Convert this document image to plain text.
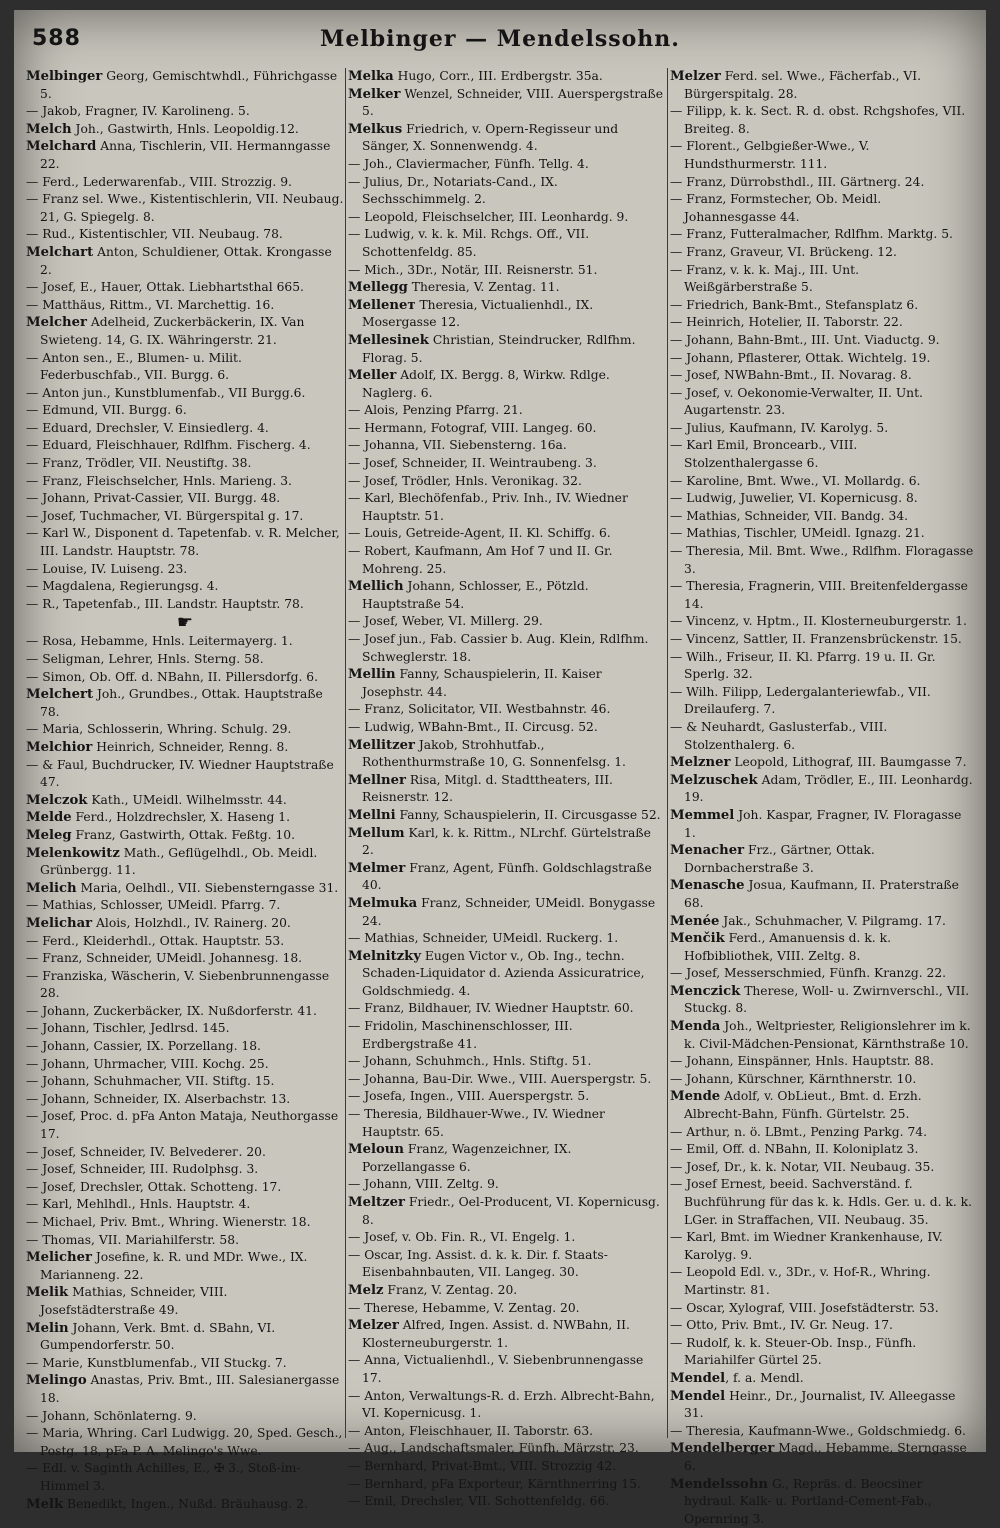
588	Melbinger — Mendelssohn.

Melbinger Georg, Gemischtwhdl., Führichgasse 5.

— Jakob, Fragner, IV. Karolineng. 5.

Melch Joh., Gastwirth, Hnls. Leopoldig.12.

Melchard Anna, Tischlerin, VII. Hermanngasse 22.

— Ferd., Lederwarenfab., VIII. Strozzig. 9.

— Franz sel. Wwe., Kistentischlerin, VII. Neubaug. 21, G. Spiegelg. 8.

— Rud., Kistentischler, VII. Neubaug. 78.

Melchart Anton, Schuldiener, Ottak. Krongasse 2.

— Josef, E., Hauer, Ottak. Liebhartsthal 665.

— Matthäus, Rittm., VI. Marchettig. 16.

Melcher Adelheid, Zuckerbäckerin, IX. Van Swieteng. 14, G. IX. Währingerstr. 21.

— Anton sen., E., Blumen- u. Milit. Federbuschfab., VII. Burgg. 6.

— Anton jun., Kunstblumenfab., VII Burgg.6.

— Edmund, VII. Burgg. 6.

— Eduard, Drechsler, V. Einsiedlerg. 4.

— Eduard, Fleischhauer, Rdlfhm. Fischerg. 4.

— Franz, Trödler, VII. Neustiftg. 38.

— Franz, Fleischselcher, Hnls. Marieng. 3.

— Johann, Privat-Cassier, VII. Burgg. 48.

— Josef, Tuchmacher, VI. Bürgerspital g. 17.

— Karl W., Disponent d. Tapetenfab. v. R. Melcher, III. Landstr. Hauptstr. 78.

— Louise, IV. Luiseng. 23.

— Magdalena, Regierungsg. 4.

— R., Tapetenfab., III. Landstr. Hauptstr. 78.

☛

— Rosa, Hebamme, Hnls. Leitermayerg. 1.

— Seligman, Lehrer, Hnls. Sterng. 58.

— Simon, Ob. Off. d. NBahn, II. Pillersdorfg. 6.

Melchert Joh., Grundbes., Ottak. Hauptstraße 78.

— Maria, Schlosserin, Whring. Schulg. 29.

Melchior Heinrich, Schneider, Renng. 8.

— & Faul, Buchdrucker, IV. Wiedner Hauptstraße 47.

Melczok Kath., UMeidl. Wilhelmsstr. 44.

Melde Ferd., Holzdrechsler, X. Haseng 1.

Meleg Franz, Gastwirth, Ottak. Feßtg. 10.

Melenkowitz Math., Geflügelhdl., Ob. Meidl. Grünbergg. 11.

Melich Maria, Oelhdl., VII. Siebensterngasse 31.

— Mathias, Schlosser, UMeidl. Pfarrg. 7.

Melichar Alois, Holzhdl., IV. Rainerg. 20.

— Ferd., Kleiderhdl., Ottak. Hauptstr. 53.

— Franz, Schneider, UMeidl. Johannesg. 18.

— Franziska, Wäscherin, V. Siebenbrunnengasse 28.

— Johann, Zuckerbäcker, IX. Nußdorferstr. 41.

— Johann, Tischler, Jedlrsd. 145.

— Johann, Cassier, IX. Porzellang. 18.

— Johann, Uhrmacher, VIII. Kochg. 25.

— Johann, Schuhmacher, VII. Stiftg. 15.

— Johann, Schneider, IX. Alserbachstr. 13.

— Josef, Proc. d. pFa Anton Mataja, Neuthorgasse 17.

— Josef, Schneider, IV. Belvederег. 20.

— Josef, Schneider, III. Rudolphsg. 3.

— Josef, Drechsler, Ottak. Schotteng. 17.

— Karl, Mehlhdl., Hnls. Hauptstr. 4.

— Michael, Priv. Bmt., Whring. Wienerstr. 18.

— Thomas, VII. Mariahilferstr. 58.

Melicher Josefine, k. R. und MDr. Wwe., IX. Marianneng. 22.

Melik Mathias, Schneider, VIII. Josefstädterstraße 49.

Melin Johann, Verk. Bmt. d. SBahn, VI. Gumpendorferstr. 50.

— Marie, Kunstblumenfab., VII Stuckg. 7.

Melingo Anastas, Priv. Bmt., III. Salesianergasse 18.

— Johann, Schönlaterng. 9.

— Maria, Whring. Carl Ludwigg. 20, Sped. Gesch., Postg. 18, pFa P. A. Melingo's Wwe.

— Edl. v. Saginth Achilles, E., ✠ 3., Stoß-im-Himmel 3.

Melk Benedikt, Ingen., Nußd. Bräuhausg. 2.

Melka Hugo, Corr., III. Erdbergstr. 35a.

Melker Wenzel, Schneider, VIII. Auerspergstraße 5.

Melkus Friedrich, v. Opern-Regisseur und Sänger, X. Sonnenwendg. 4.

— Joh., Claviermacher, Fünfh. Tellg. 4.

— Julius, Dr., Notariats-Cand., IX. Sechsschimmelg. 2.

— Leopold, Fleischselcher, III. Leonhardg. 9.

— Ludwig, v. k. k. Mil. Rchgs. Off., VII. Schottenfeldg. 85.

— Mich., 3Dr., Notär, III. Reisnerstr. 51.

Mellegg Theresia, V. Zentag. 11.

Melleneт Theresia, Victualienhdl., IX. Mosergasse 12.

Mellesinek Christian, Steindrucker, Rdlfhm. Florag. 5.

Meller Adolf, IX. Bergg. 8, Wirkw. Rdlge. Naglerg. 6.

— Alois, Penzing Pfarrg. 21.

— Hermann, Fotograf, VIII. Langeg. 60.

— Johanna, VII. Siebensterng. 16a.

— Josef, Schneider, II. Weintraubeng. 3.

— Josef, Trödler, Hnls. Veronikag. 32.

— Karl, Blechöfenfab., Priv. Inh., IV. Wiedner Hauptstr. 51.

— Louis, Getreide-Agent, II. Kl. Schiffg. 6.

— Robert, Kaufmann, Am Hof 7 und II. Gr. Mohreng. 25.

Mellich Johann, Schlosser, E., Pötzld. Hauptstraße 54.

— Josef, Weber, VI. Millerg. 29.

— Josef jun., Fab. Cassier b. Aug. Klein, Rdlfhm. Schweglerstr. 18.

Mellin Fanny, Schauspielerin, II. Kaiser Josephstr. 44.

— Franz, Solicitator, VII. Westbahnstr. 46.

— Ludwig, WBahn-Bmt., II. Circusg. 52.

Mellitzer Jakob, Strohhutfab., Rothenthurmstraße 10, G. Sonnenfelsg. 1.

Mellner Risa, Mitgl. d. Stadttheaters, III. Reisnerstr. 12.

Mellni Fanny, Schauspielerin, II. Circusgasse 52.

Mellum Karl, k. k. Rittm., NLrchf. Gürtelstraße 2.

Melmer Franz, Agent, Fünfh. Goldschlagstraße 40.

Melmuka Franz, Schneider, UMeidl. Bonygasse 24.

— Mathias, Schneider, UMeidl. Ruckerg. 1.

Melnitzky Eugen Victor v., Ob. Ing., techn. Schaden-Liquidator d. Azienda Assicuratrice, Goldschmiedg. 4.

— Franz, Bildhauer, IV. Wiedner Hauptstr. 60.

— Fridolin, Maschinenschlosser, III. Erdbergstraße 41.

— Johann, Schuhmch., Hnls. Stiftg. 51.

— Johanna, Bau-Dir. Wwe., VIII. Auerspergstr. 5.

— Josefa, Ingen., VIII. Auerspergstr. 5.

— Theresia, Bildhauer-Wwe., IV. Wiedner Hauptstr. 65.

Meloun Franz, Wagenzeichner, IX. Porzellangasse 6.

— Johann, VIII. Zeltg. 9.

Meltzer Friedr., Oel-Producent, VI. Kopernicusg. 8.

— Josef, v. Ob. Fin. R., VI. Engelg. 1.

— Oscar, Ing. Assist. d. k. k. Dir. f. Staats-Eisenbahnbauten, VII. Langeg. 30.

Melz Franz, V. Zentag. 20.

— Therese, Hebamme, V. Zentag. 20.

Melzer Alfred, Ingen. Assist. d. NWBahn, II. Klosterneuburgerstr. 1.

— Anna, Victualienhdl., V. Siebenbrunnengasse 17.

— Anton, Verwaltungs-R. d. Erzh. Albrecht-Bahn, VI. Kopernicusg. 1.

— Anton, Fleischhauer, II. Taborstr. 63.

— Aug., Landschaftsmaler, Fünfh. Märzstr. 23.

— Bernhard, Privat-Bmt., VIII. Strozzig 42.

— Bernhard, pFa Exporteur, Kärnthnerring 15.

— Emil, Drechsler, VII. Schottenfeldg. 66.

Melzer Ferd. sel. Wwe., Fächerfab., VI. Bürgerspitalg. 28.

— Filipp, k. k. Sect. R. d. obst. Rchgshofes, VII. Breiteg. 8.

— Florent., Gelbgießer-Wwe., V. Hundsthurmerstr. 111.

— Franz, Dürrobsthdl., III. Gärtnerg. 24.

— Franz, Formstecher, Ob. Meidl. Johannesgasse 44.

— Franz, Futteralmacher, Rdlfhm. Marktg. 5.

— Franz, Graveur, VI. Brückeng. 12.

— Franz, v. k. k. Maj., III. Unt. Weißgärberstraße 5.

— Friedrich, Bank-Bmt., Stefansplatz 6.

— Heinrich, Hotelier, II. Taborstr. 22.

— Johann, Bahn-Bmt., III. Unt. Viaductg. 9.

— Johann, Pflasterer, Ottak. Wichtelg. 19.

— Josef, NWBahn-Bmt., II. Novarag. 8.

— Josef, v. Oekonomie-Verwalter, II. Unt. Augartenstr. 23.

— Julius, Kaufmann, IV. Karolyg. 5.

— Karl Emil, Broncearb., VIII. Stolzenthalergasse 6.

— Karoline, Bmt. Wwe., VI. Mollardg. 6.

— Ludwig, Juwelier, VI. Kopernicusg. 8.

— Mathias, Schneider, VII. Bandg. 34.

— Mathias, Tischler, UMeidl. Ignazg. 21.

— Theresia, Mil. Bmt. Wwe., Rdlfhm. Floragasse 3.

— Theresia, Fragnerin, VIII. Breitenfeldergasse 14.

— Vincenz, v. Hptm., II. Klosterneuburgerstr. 1.

— Vincenz, Sattler, II. Franzensbrückenstr. 15.

— Wilh., Friseur, II. Kl. Pfarrg. 19 u. II. Gr. Sperlg. 32.

— Wilh. Filipp, Ledergalanteriewfab., VII. Dreilauferg. 7.

— & Neuhardt, Gaslusterfab., VIII. Stolzenthalerg. 6.

Melzner Leopold, Lithograf, III. Baumgasse 7.

Melzuschek Adam, Trödler, E., III. Leonhardg. 19.

Memmel Joh. Kaspar, Fragner, IV. Floragasse 1.

Menacher Frz., Gärtner, Ottak. Dornbacherstraße 3.

Menasche Josua, Kaufmann, II. Praterstraße 68.

Menée Jak., Schuhmacher, V. Pilgramg. 17.

Menčik Ferd., Amanuensis d. k. k. Hofbibliothek, VIII. Zeltg. 8.

— Josef, Messerschmied, Fünfh. Kranzg. 22.

Menczick Therese, Woll- u. Zwirnverschl., VII. Stuckg. 8.

Menda Joh., Weltpriester, Religionslehrer im k. k. Civil-Mädchen-Pensionat, Kärnthstraße 10.

— Johann, Einspänner, Hnls. Hauptstr. 88.

— Johann, Kürschner, Kärnthnerstr. 10.

Mende Adolf, v. ObLieut., Bmt. d. Erzh. Albrecht-Bahn, Fünfh. Gürtelstr. 25.

— Arthur, n. ö. LBmt., Penzing Parkg. 74.

— Emil, Off. d. NBahn, II. Koloniplatz 3.

— Josef, Dr., k. k. Notar, VII. Neubaug. 35.

— Josef Ernest, beeid. Sachverständ. f. Buchführung für das k. k. Hdls. Ger. u. d. k. k. LGer. in Straffachen, VII. Neubaug. 35.

— Karl, Bmt. im Wiedner Krankenhause, IV. Karolyg. 9.

— Leopold Edl. v., 3Dr., v. Hof-R., Whring. Martinstr. 81.

— Oscar, Xylograf, VIII. Josefstädterstr. 53.

— Otto, Priv. Bmt., IV. Gr. Neug. 17.

— Rudolf, k. k. Steuer-Ob. Insp., Fünfh. Mariahilfer Gürtel 25.

Mendel, f. a. Mendl.

Mendel Heinr., Dr., Journalist, IV. Alleegasse 31.

— Theresia, Kaufmann-Wwe., Goldschmiedg. 6.

Mendelberger Magd., Hebamme, Sterngasse 6.

Mendelssohn G., Repräs. d. Beocsiner hydraul. Kalk- u. Portland-Cement-Fab., Opernring 3.
